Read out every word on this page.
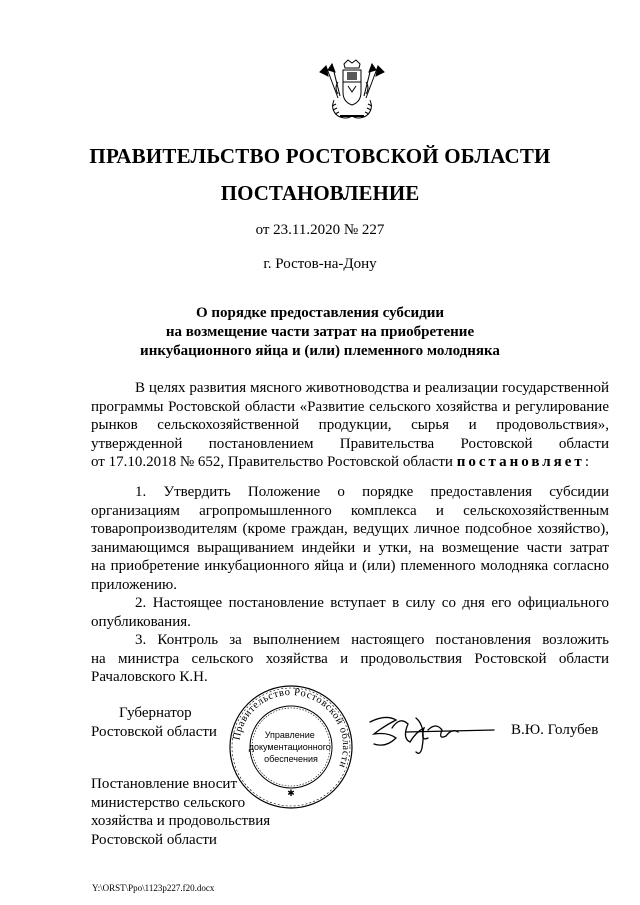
ПРАВИТЕЛЬСТВО РОСТОВСКОЙ ОБЛАСТИ
ПОСТАНОВЛЕНИЕ
от 23.11.2020 № 227
г. Ростов-на-Дону
О порядке предоставления субсидии
на возмещение части затрат на приобретение
инкубационного яйца и (или) племенного молодняка
В целях развития мясного животноводства и реализации государственной
программы Ростовской области «Развитие сельского хозяйства и регулирование
рынков сельскохозяйственной продукции, сырья и продовольствия»,
утвержденной постановлением Правительства Ростовской области
от 17.10.2018 № 652, Правительство Ростовской области постановляет:
1. Утвердить Положение о порядке предоставления субсидии
организациям агропромышленного комплекса и сельскохозяйственным
товаропроизводителям (кроме граждан, ведущих личное подсобное хозяйство),
занимающимся выращиванием индейки и утки, на возмещение части затрат
на приобретение инкубационного яйца и (или) племенного молодняка согласно
приложению.
2. Настоящее постановление вступает в силу со дня его официального
опубликования.
3. Контроль за выполнением настоящего постановления возложить
на министра сельского хозяйства и продовольствия Ростовской области
Рачаловского К.Н.
Губернатор
Ростовской области Правительство Ростовской области
✱
Управление документационного обеспечения
В.Ю. Голубев
Постановление вносит
министерство сельского
хозяйства и продовольствия
Ростовской области
Y:\ORST\Ppo\1123p227.f20.docx
